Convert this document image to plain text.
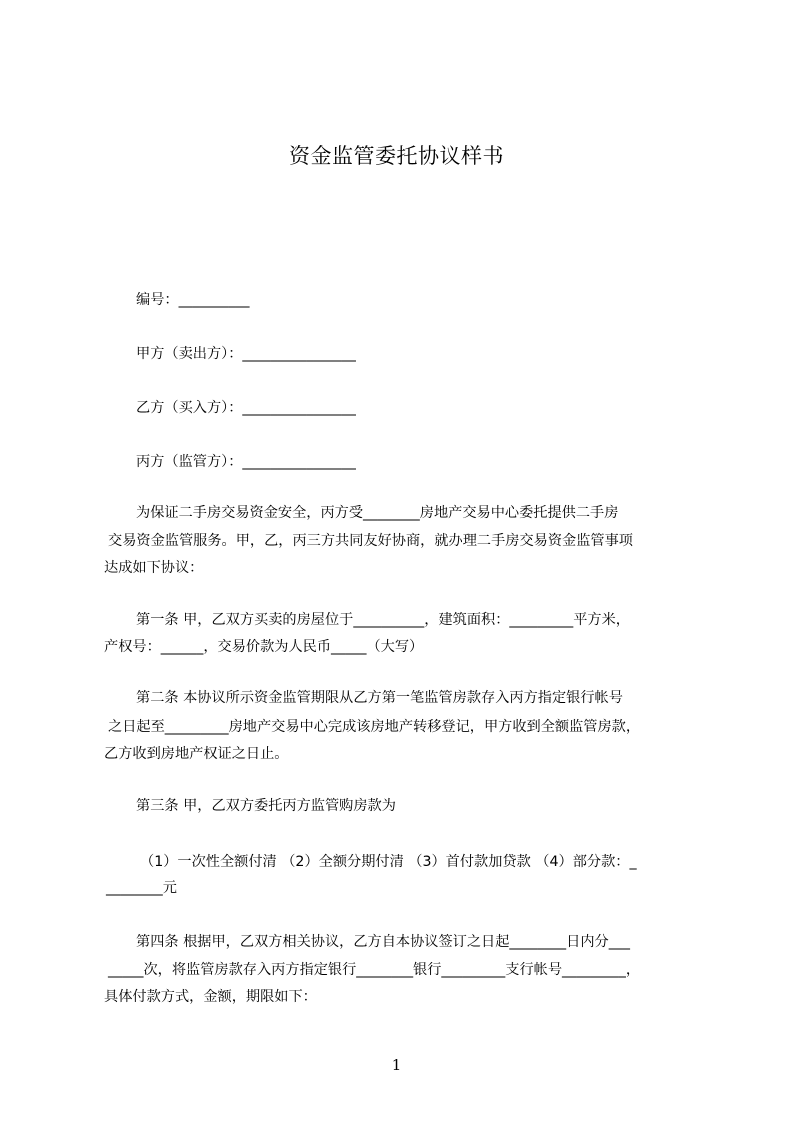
资金监管委托协议样书
编号：__________
甲方（卖出方）：________________
乙方（买入方）：________________
丙方（监管方）：________________
为保证二手房交易资金安全，丙方受________房地产交易中心委托提供二手房
交易资金监管服务。甲，乙，丙三方共同友好协商，就办理二手房交易资金监管事项
达成如下协议：
第一条 甲，乙双方买卖的房屋位于__________，建筑面积：_________平方米，
产权号：______，交易价款为人民币_____（大写）
第二条 本协议所示资金监管期限从乙方第一笔监管房款存入丙方指定银行帐号
之日起至_________房地产交易中心完成该房地产转移登记，甲方收到全额监管房款，
乙方收到房地产权证之日止。
第三条 甲，乙双方委托丙方监管购房款为
（1）一次性全额付清 （2）全额分期付清 （3）首付款加贷款 （4）部分款：_
________元
第四条 根据甲，乙双方相关协议，乙方自本协议签订之日起________日内分___
_____次，将监管房款存入丙方指定银行________银行_________支行帐号_________，
具体付款方式，金额，期限如下：
1
